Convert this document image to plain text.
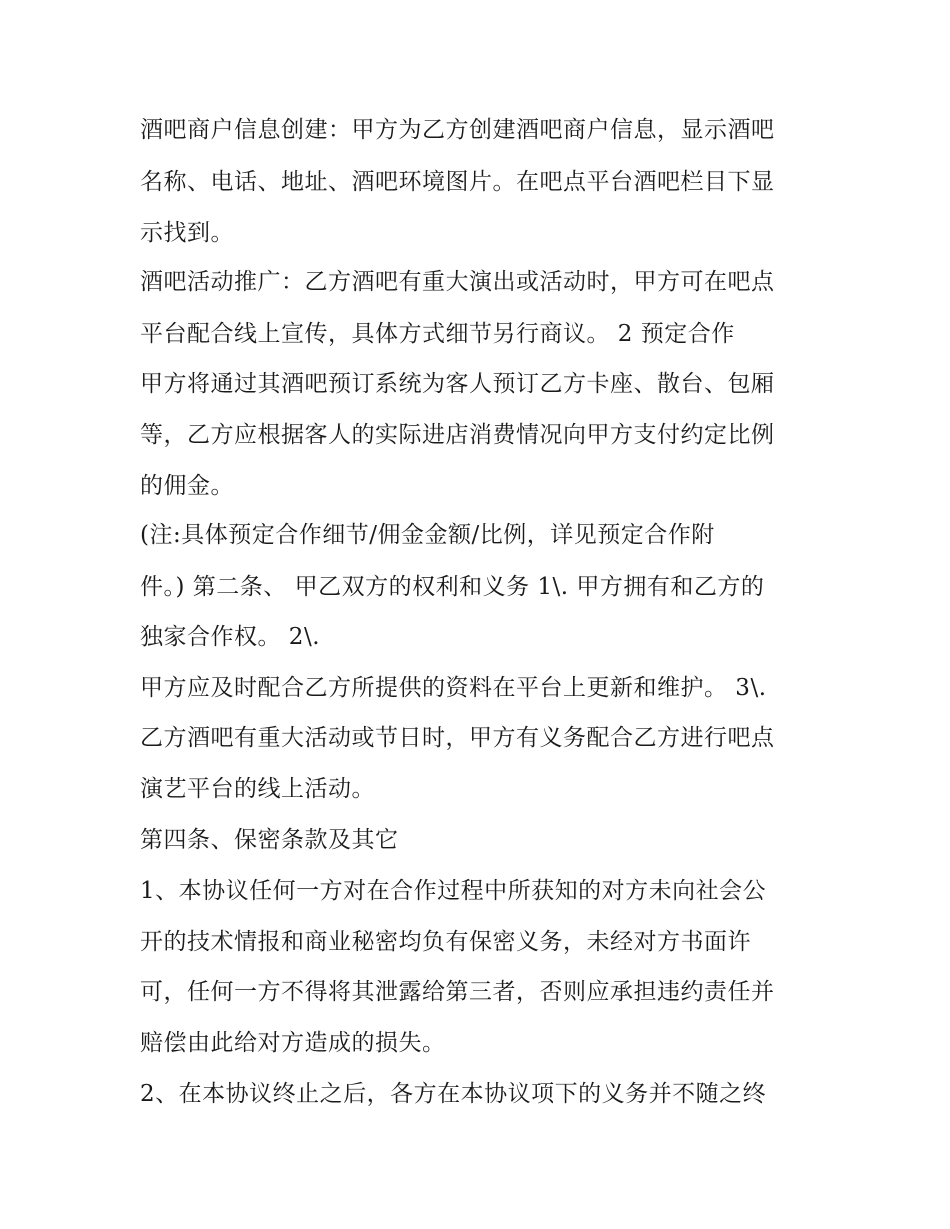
酒吧商户信息创建：甲方为乙方创建酒吧商户信息，显示酒吧
名称、电话、地址、酒吧环境图片。在吧点平台酒吧栏目下显
示找到。
酒吧活动推广：乙方酒吧有重大演出或活动时，甲方可在吧点
平台配合线上宣传，具体方式细节另行商议。 2 预定合作
甲方将通过其酒吧预订系统为客人预订乙方卡座、散台、包厢
等，乙方应根据客人的实际进店消费情况向甲方支付约定比例
的佣金。
(注:具体预定合作细节/佣金金额/比例，详见预定合作附
件。) 第二条、 甲乙双方的权利和义务 1\. 甲方拥有和乙方的
独家合作权。 2\.
甲方应及时配合乙方所提供的资料在平台上更新和维护。 3\.
乙方酒吧有重大活动或节日时，甲方有义务配合乙方进行吧点
演艺平台的线上活动。
第四条、保密条款及其它
1、本协议任何一方对在合作过程中所获知的对方未向社会公
开的技术情报和商业秘密均负有保密义务，未经对方书面许
可，任何一方不得将其泄露给第三者，否则应承担违约责任并
赔偿由此给对方造成的损失。
2、在本协议终止之后，各方在本协议项下的义务并不随之终
